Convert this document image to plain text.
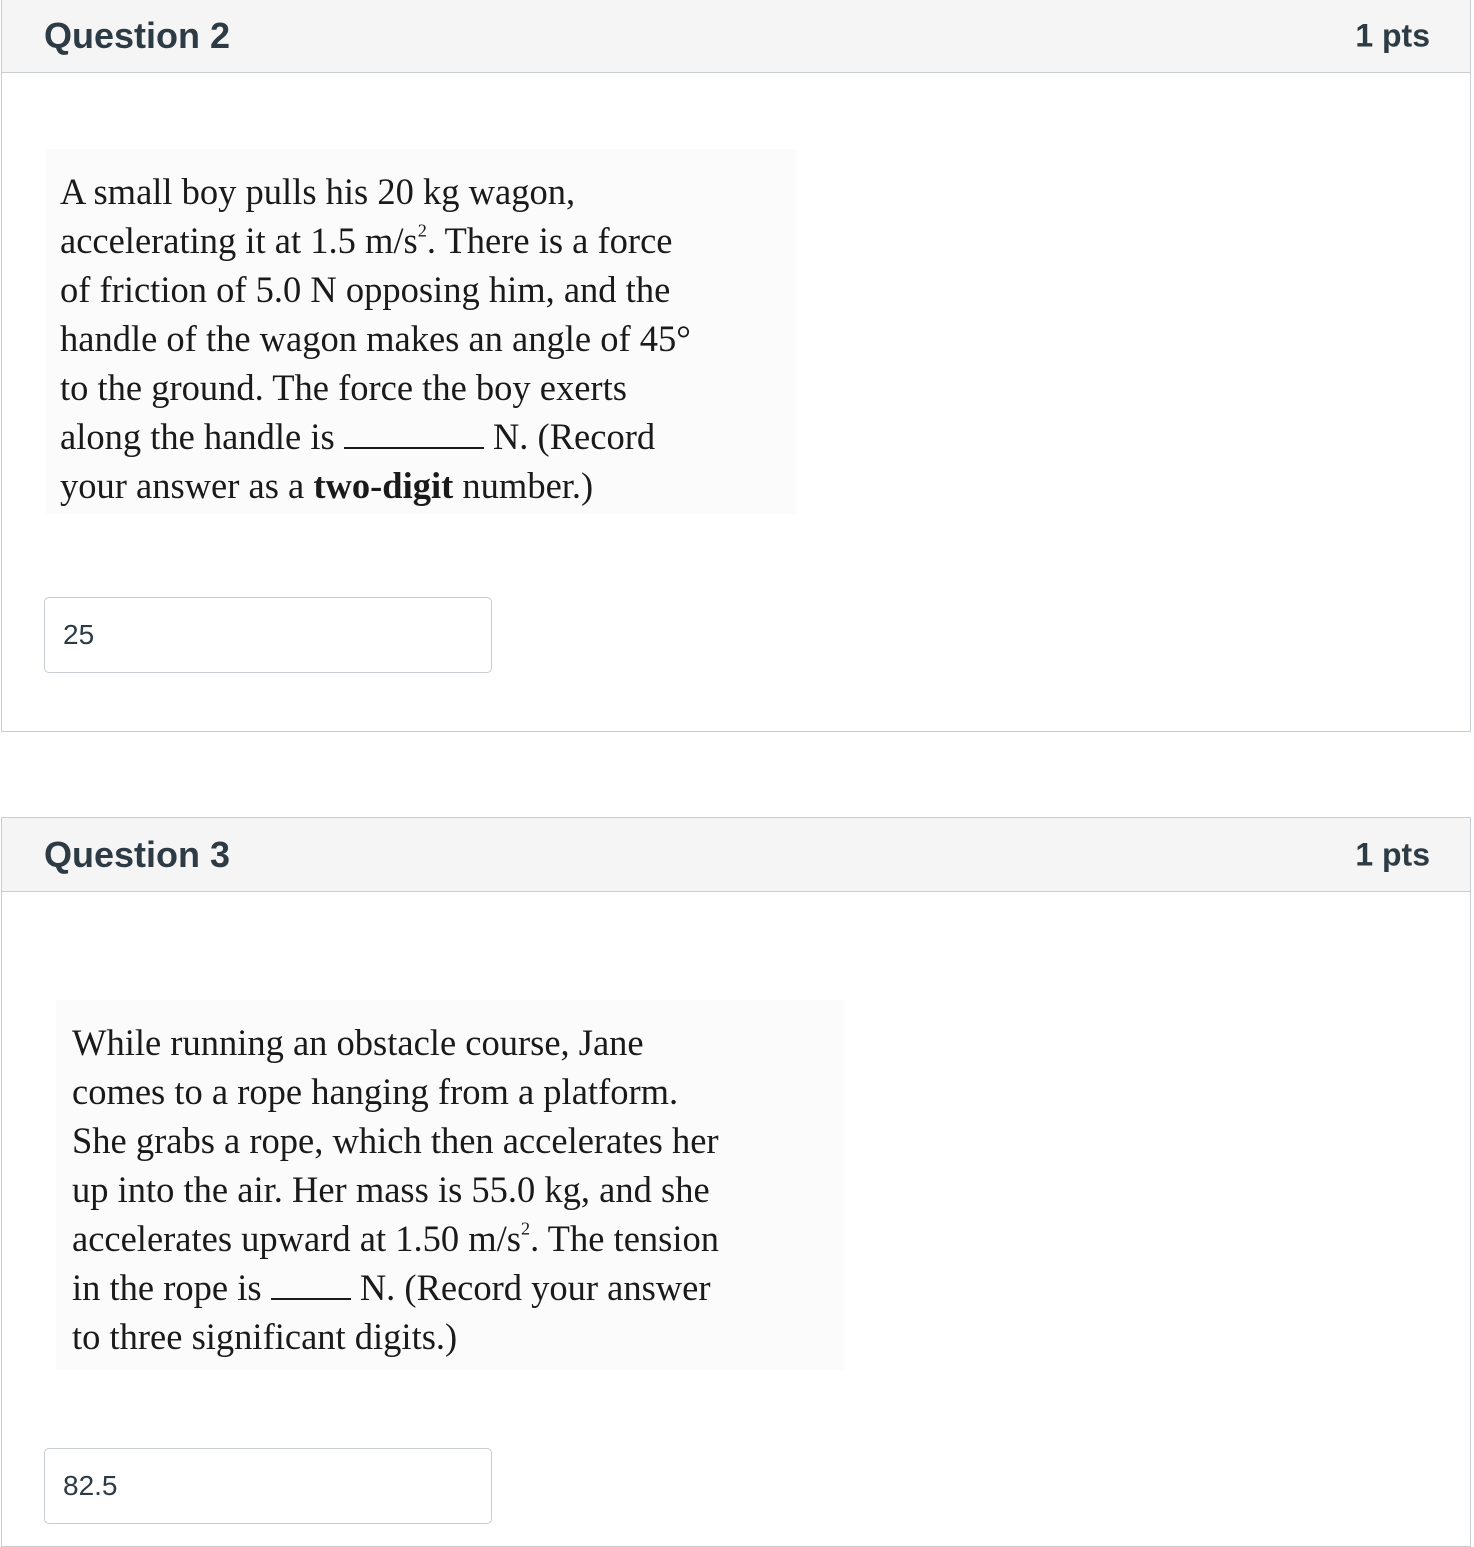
Question 2	1 pts
A small boy pulls his 20 kg wagon,
accelerating it at 1.5 $m/s^2$. There is a force
of friction of 5.0 N opposing him, and the
handle of the wagon makes an angle of 45°
to the ground. The force the boy exerts
along the handle is	N. (Record
your answer as a two-digit number.)
25
Question 3	1 pts
While running an obstacle course, Jane
comes to a rope hanging from a platform.
She grabs a rope, which then accelerates her
up into the air. Her mass is 55.0 kg, and she
accelerates upward at 1.50 $m/s^2$. The tension
in the rope is	N. (Record your answer
to three significant digits.)
82.5
